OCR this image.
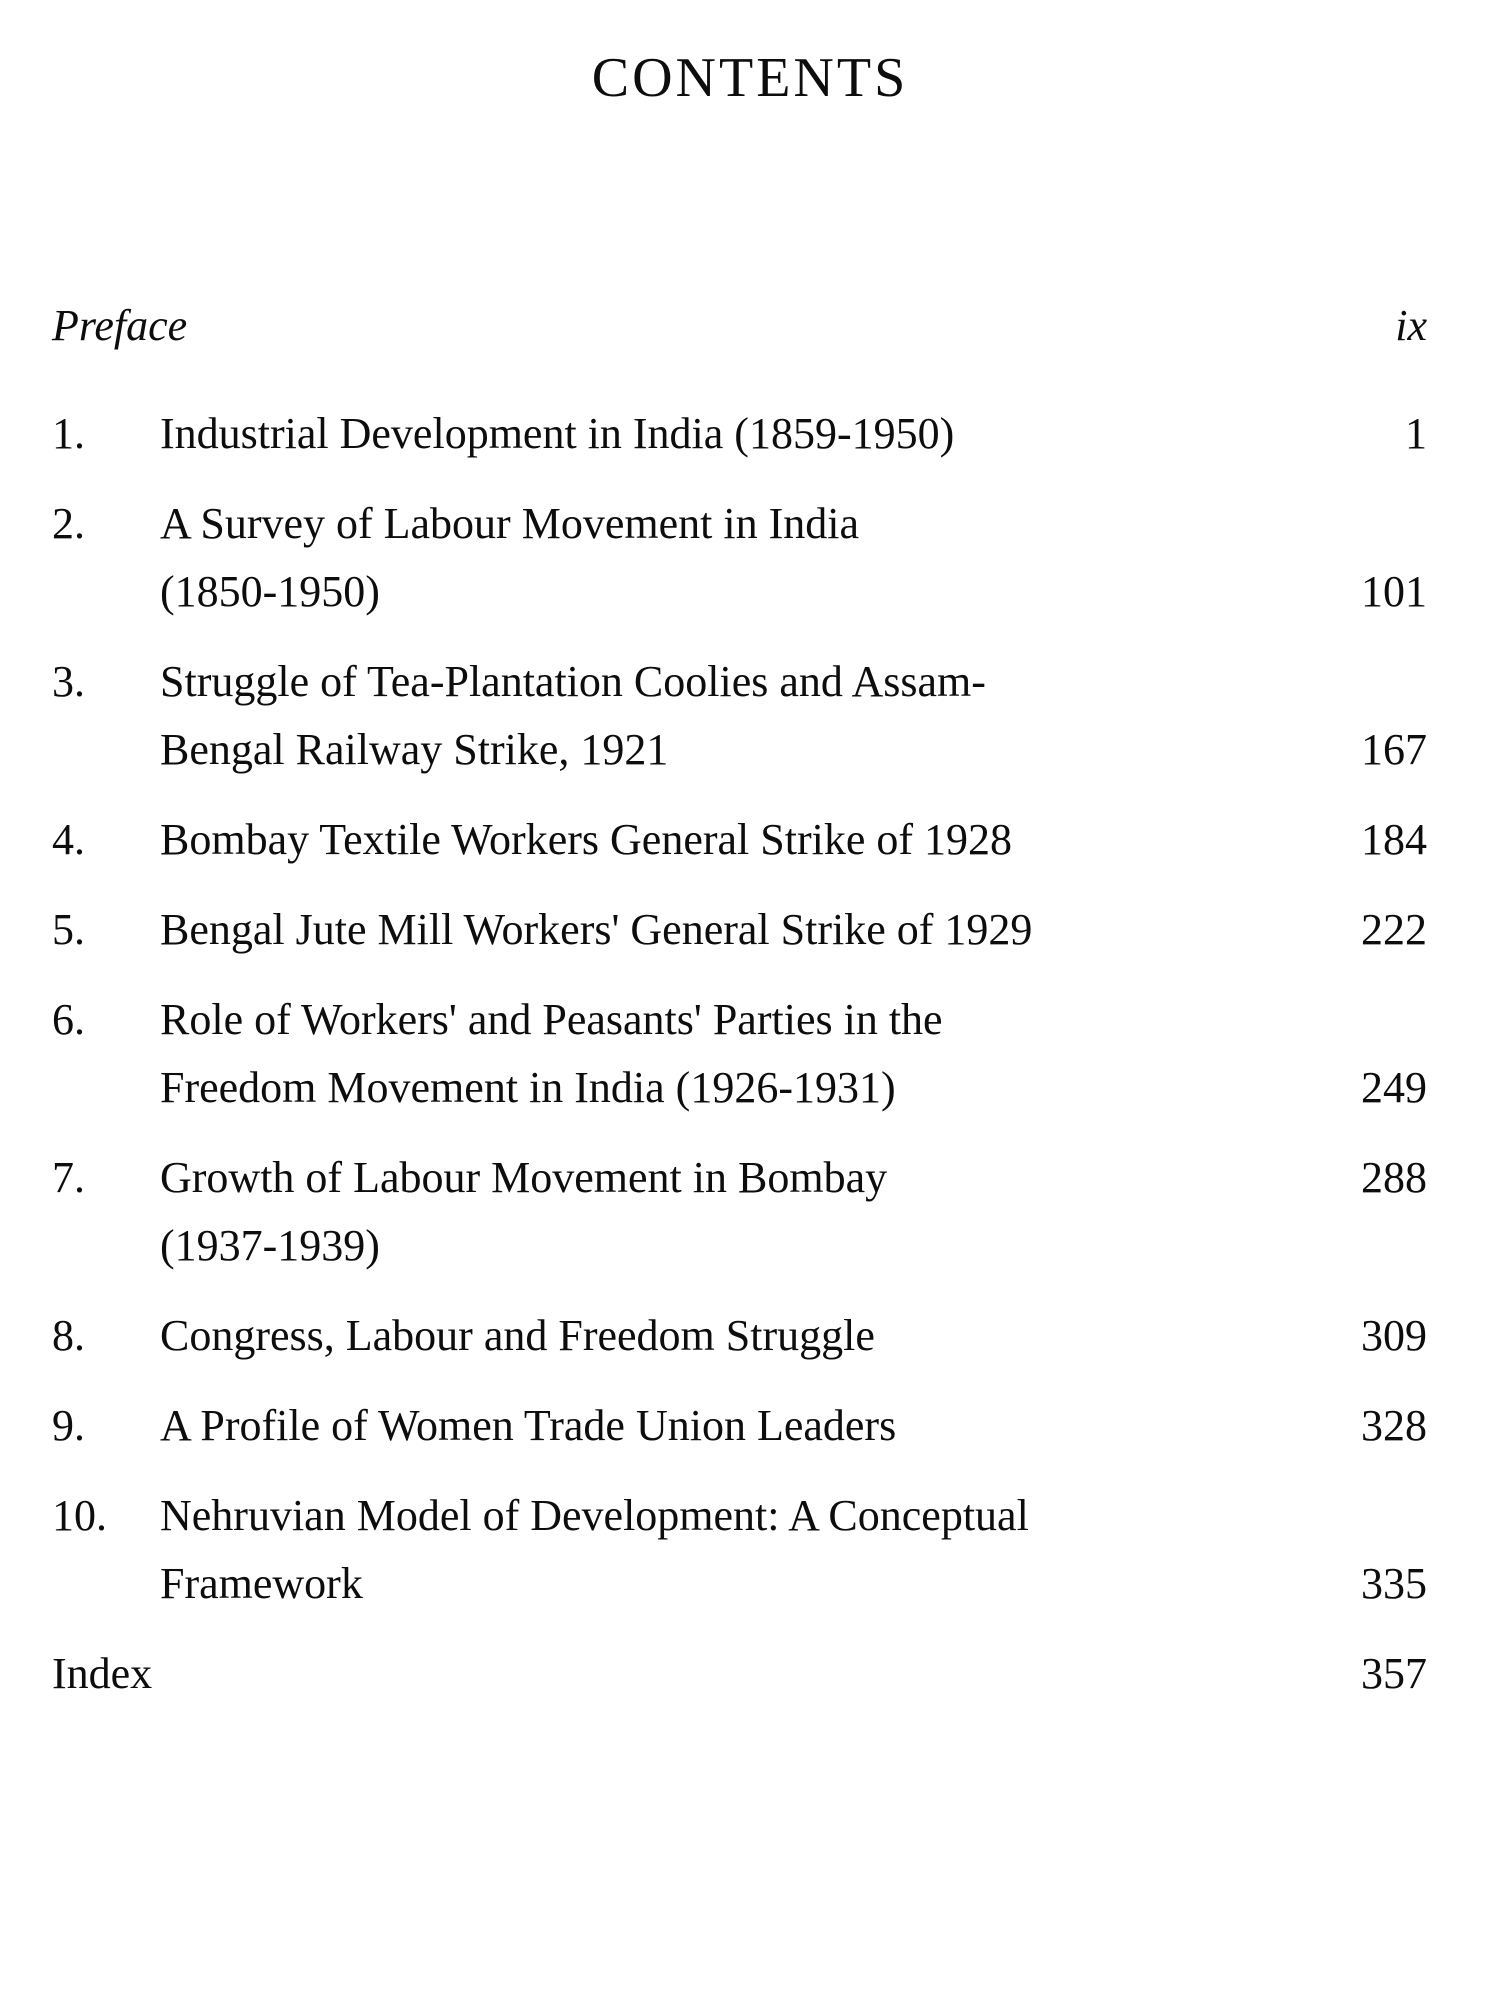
CONTENTS
Preface	ix
1.	Industrial Development in India (1859-1950)	1
2.	A Survey of Labour Movement in India
(1850-1950)	101
3.	Struggle of Tea-Plantation Coolies and Assam-
Bengal Railway Strike, 1921	167
4.	Bombay Textile Workers General Strike of 1928	184
5.	Bengal Jute Mill Workers' General Strike of 1929	222
6.	Role of Workers' and Peasants' Parties in the
Freedom Movement in India (1926-1931)	249
7.	Growth of Labour Movement in Bombay	288
(1937-1939)
8.	Congress, Labour and Freedom Struggle	309
9.	A Profile of Women Trade Union Leaders	328
10.	Nehruvian Model of Development: A Conceptual
Framework	335
Index	357
